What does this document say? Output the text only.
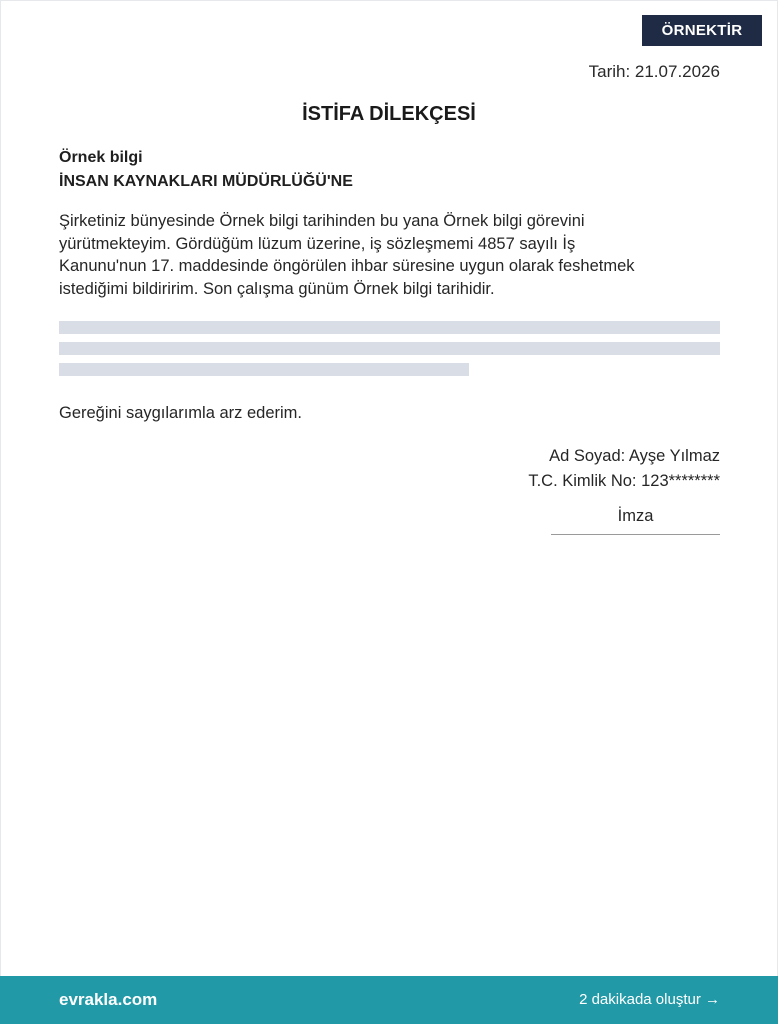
ÖRNEKTİR
Tarih: 21.07.2026
İSTİFA DİLEKÇESİ
Örnek bilgi
İNSAN KAYNAKLARI MÜDÜRLÜĞÜ'NE
Şirketiniz bünyesinde Örnek bilgi tarihinden bu yana Örnek bilgi görevini
yürütmekteyim. Gördüğüm lüzum üzerine, iş sözleşmemi 4857 sayılı İş
Kanunu'nun 17. maddesinde öngörülen ihbar süresine uygun olarak feshetmek
istediğimi bildiririm. Son çalışma günüm Örnek bilgi tarihidir.
Gereğini saygılarımla arz ederim.
Ad Soyad: Ayşe Yılmaz
T.C. Kimlik No: 123********
İmza
evrakla.com	2 dakikada oluştur →
